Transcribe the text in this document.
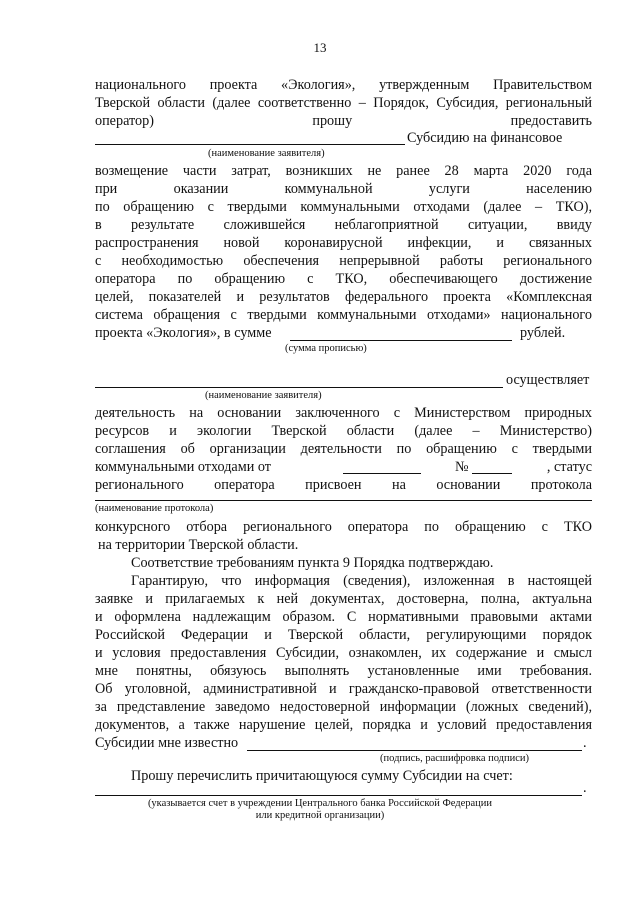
13
национального проекта «Экология», утвержденным Правительством
Тверской области (далее соответственно – Порядок, Субсидия, региональный
оператор) прошу предоставить
Субсидию на финансовое
(наименование заявителя)
возмещение части затрат, возникших не ранее 28 марта 2020 года
при оказании коммунальной услуги населению
по обращению с твердыми коммунальными отходами (далее – ТКО),
в результате сложившейся неблагоприятной ситуации, ввиду
распространения новой коронавирусной инфекции, и связанных
с необходимостью обеспечения непрерывной работы регионального
оператора по обращению с ТКО, обеспечивающего достижение
целей, показателей и результатов федерального проекта «Комплексная
система обращения с твердыми коммунальными отходами» национального
проекта «Экология», в сумме	рублей.
(сумма прописью)
осуществляет
(наименование заявителя)
деятельность на основании заключенного с Министерством природных
ресурсов и экологии Тверской области (далее – Министерство)
соглашения об организации деятельности по обращению с твердыми
коммунальными отходами от	№	, статус
регионального оператора присвоен на основании протокола
(наименование протокола)
конкурсного отбора регионального оператора по обращению с ТКО
на территории Тверской области.
Соответствие требованиям пункта 9 Порядка подтверждаю.
Гарантирую, что информация (сведения), изложенная в настоящей
заявке и прилагаемых к ней документах, достоверна, полна, актуальна
и оформлена надлежащим образом. С нормативными правовыми актами
Российской Федерации и Тверской области, регулирующими порядок
и условия предоставления Субсидии, ознакомлен, их содержание и смысл
мне понятны, обязуюсь выполнять установленные ими требования.
Об уголовной, административной и гражданско-правовой ответственности
за представление заведомо недостоверной информации (ложных сведений),
документов, а также нарушение целей, порядка и условий предоставления
Субсидии мне известно	.
(подпись, расшифровка подписи)
Прошу перечислить причитающуюся сумму Субсидии на счет:
.
(указывается счет в учреждении Центрального банка Российской Федерации
или кредитной организации)
